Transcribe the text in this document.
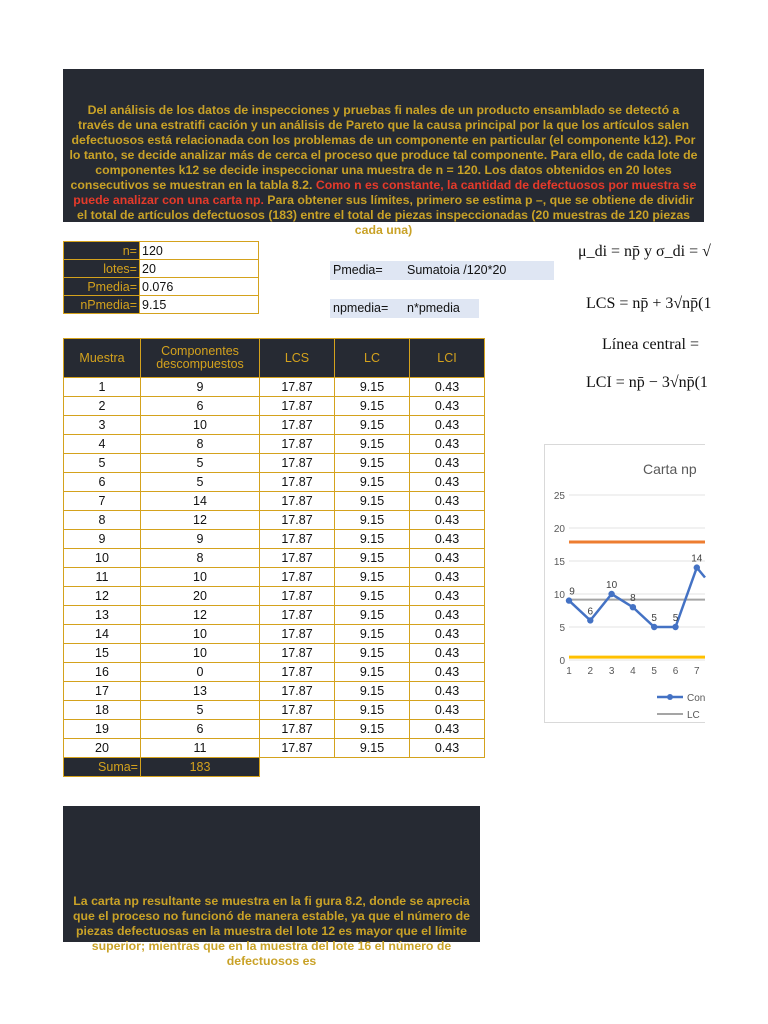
Del análisis de los datos de inspecciones y pruebas fi nales de un producto ensamblado se detectó a través de una estratifi cación y un análisis de Pareto que la causa principal por la que los artículos salen defectuosos está relacionada con los problemas de un componente en particular (el componente k12). Por lo tanto, se decide analizar más de cerca el proceso que produce tal componente. Para ello, de cada lote de componentes k12 se decide inspeccionar una muestra de n = 120. Los datos obtenidos en 20 lotes consecutivos se muestran en la tabla 8.2. Como n es constante, la cantidad de defectuosos por muestra se puede analizar con una carta np. Para obtener sus límites, primero se estima p –, que se obtiene de dividir el total de artículos defectuosos (183) entre el total de piezas inspeccionadas (20 muestras de 120 piezas cada una)

n=	120
lotes=	20
Pmedia=	0.076
nPmedia=	9.15
Pmedia= Sumatoia /120*20
npmedia= n*pmedia
Muestra	Componentes descompuestos	LCS	LC	LCI
1	9	17.87	9.15	0.43
2	6	17.87	9.15	0.43
3	10	17.87	9.15	0.43
4	8	17.87	9.15	0.43
5	5	17.87	9.15	0.43
6	5	17.87	9.15	0.43
7	14	17.87	9.15	0.43
8	12	17.87	9.15	0.43
9	9	17.87	9.15	0.43
10	8	17.87	9.15	0.43
11	10	17.87	9.15	0.43
12	20	17.87	9.15	0.43
13	12	17.87	9.15	0.43
14	10	17.87	9.15	0.43
15	10	17.87	9.15	0.43
16	0	17.87	9.15	0.43
17	13	17.87	9.15	0.43
18	5	17.87	9.15	0.43
19	6	17.87	9.15	0.43
20	11	17.87	9.15	0.43
Suma=	183			
μ_di = np̄ y σ_di = √
LCS = np̄ + 3√np̄(1
Línea central =
LCI = np̄ − 3√np̄(1
Carta np
0
5
10
15
20
25
1 2 3 4 5 6 7
9
6
10
8
5 5
14
Con
LC

La carta np resultante se muestra en la fi gura 8.2, donde se aprecia que el proceso no funcionó de manera estable, ya que el número de piezas defectuosas en la muestra del lote 12 es mayor que el límite superior; mientras que en la muestra del lote 16 el número de defectuosos es
